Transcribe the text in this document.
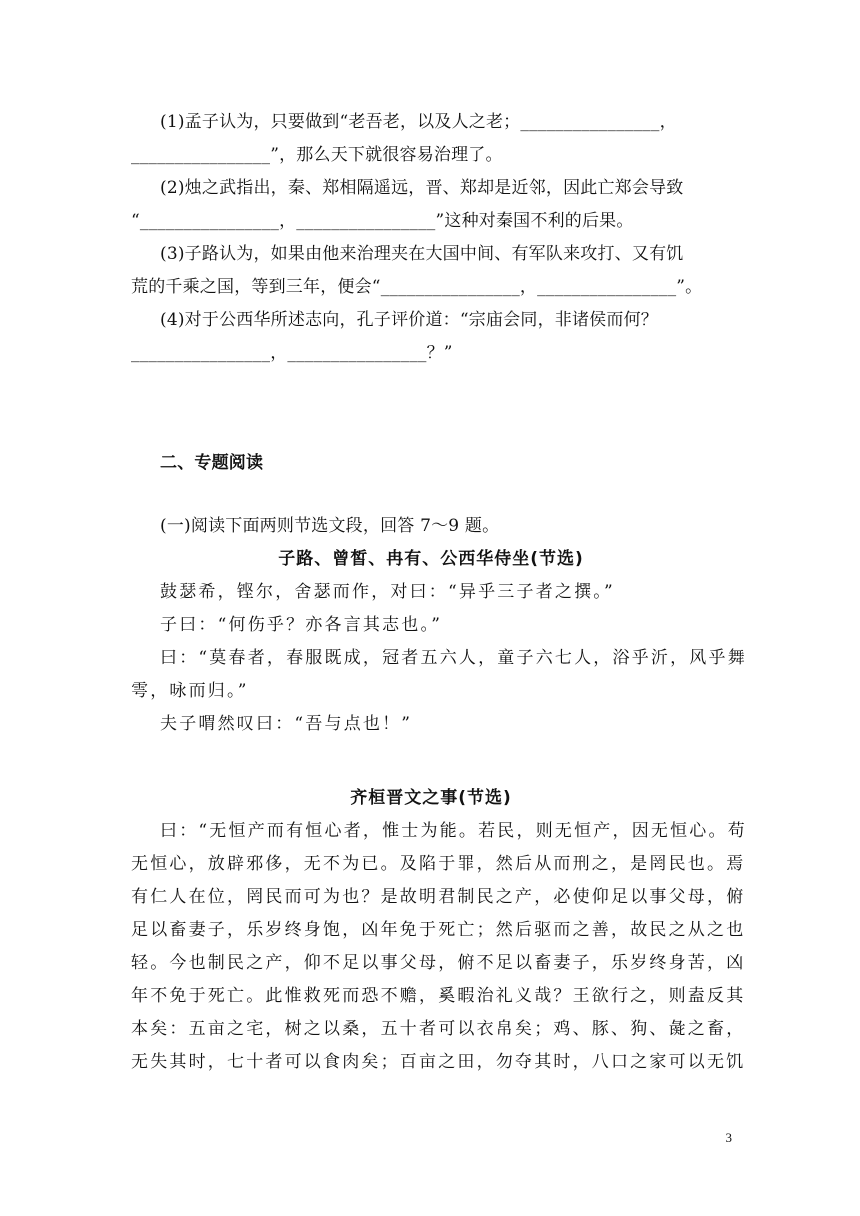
(1)孟子认为，只要做到“老吾老，以及人之老；________________，
________________”，那么天下就很容易治理了。
(2)烛之武指出，秦、郑相隔遥远，晋、郑却是近邻，因此亡郑会导致
“________________，________________”这种对秦国不利的后果。
(3)子路认为，如果由他来治理夹在大国中间、有军队来攻打、又有饥
荒的千乘之国，等到三年，便会“________________，________________”。
(4)对于公西华所述志向，孔子评价道：“宗庙会同，非诸侯而何？
________________，________________？”
二、专题阅读
(一)阅读下面两则节选文段，回答 7～9 题。
子路、曾皙、冉有、公西华侍坐(节选)
鼓瑟希，铿尔，舍瑟而作，对曰：“异乎三子者之撰。”
子曰：“何伤乎？亦各言其志也。”
曰：“莫春者，春服既成，冠者五六人，童子六七人，浴乎沂，风乎舞
雩，咏而归。”
夫子喟然叹曰：“吾与点也！”
齐桓晋文之事(节选)
曰：“无恒产而有恒心者，惟士为能。若民，则无恒产，因无恒心。苟
无恒心，放辟邪侈，无不为已。及陷于罪，然后从而刑之，是罔民也。焉
有仁人在位，罔民而可为也？是故明君制民之产，必使仰足以事父母，俯
足以畜妻子，乐岁终身饱，凶年免于死亡；然后驱而之善，故民之从之也
轻。今也制民之产，仰不足以事父母，俯不足以畜妻子，乐岁终身苦，凶
年不免于死亡。此惟救死而恐不赡，奚暇治礼义哉？王欲行之，则盍反其
本矣：五亩之宅，树之以桑，五十者可以衣帛矣；鸡、豚、狗、彘之畜，
无失其时，七十者可以食肉矣；百亩之田，勿夺其时，八口之家可以无饥
3
